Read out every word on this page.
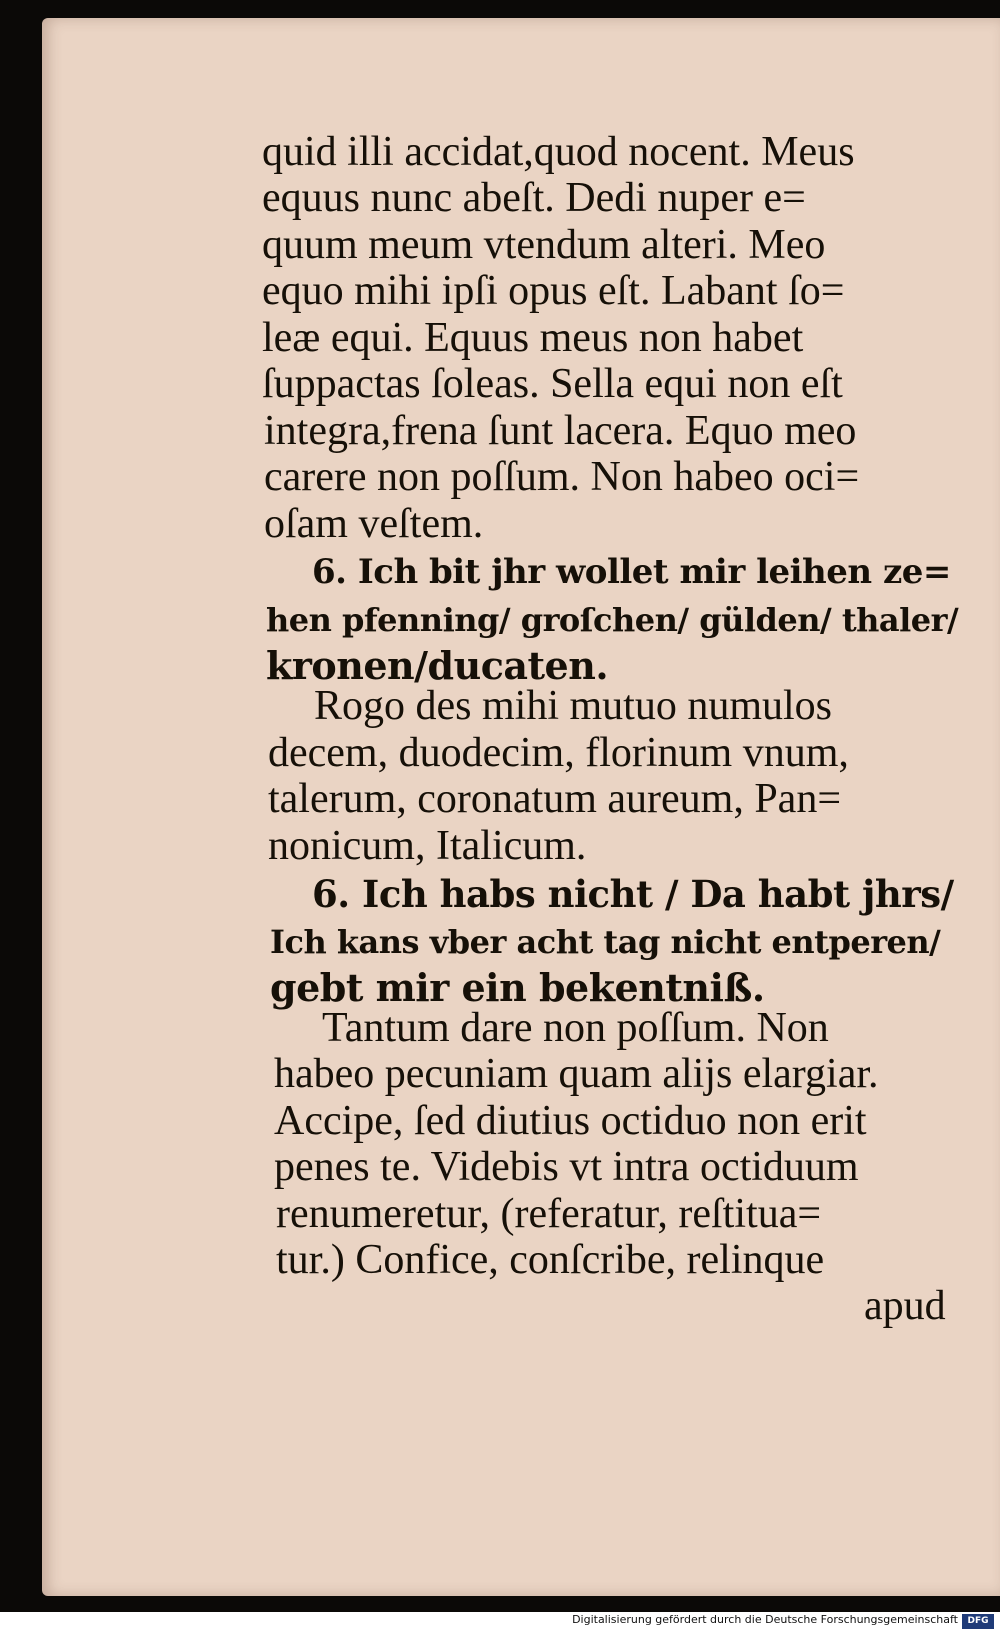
quid illi accidat,quod nocent. Meus
equus nunc abeſt. Dedi nuper e=
quum meum vtendum alteri. Meo
equo mihi ipſi opus eſt. Labant ſo=
leæ equi. Equus meus non habet
ſuppactas ſoleas. Sella equi non eſt
integra,frena ſunt lacera. Equo meo
carere non poſſum. Non habeo oci=
oſam veſtem.
6. Ich bit jhr wollet mir leihen ze=
hen pfenning/ groſchen/ gülden/ thaler/
kronen/ducaten.
Rogo des mihi mutuo numulos
decem, duodecim, florinum vnum,
talerum, coronatum aureum, Pan=
nonicum, Italicum.
6. Ich habs nicht / Da habt jhrs/
Ich kans vber acht tag nicht entperen/
gebt mir ein bekentniß.
Tantum dare non poſſum. Non
habeo pecuniam quam alijs elargiar.
Accipe, ſed diutius octiduo non erit
penes te. Videbis vt intra octiduum
renumeretur, (referatur, reſtitua=
tur.) Confice, conſcribe, relinque
apud
Digitalisierung gefördert durch die Deutsche Forschungsgemeinschaft	DFG
